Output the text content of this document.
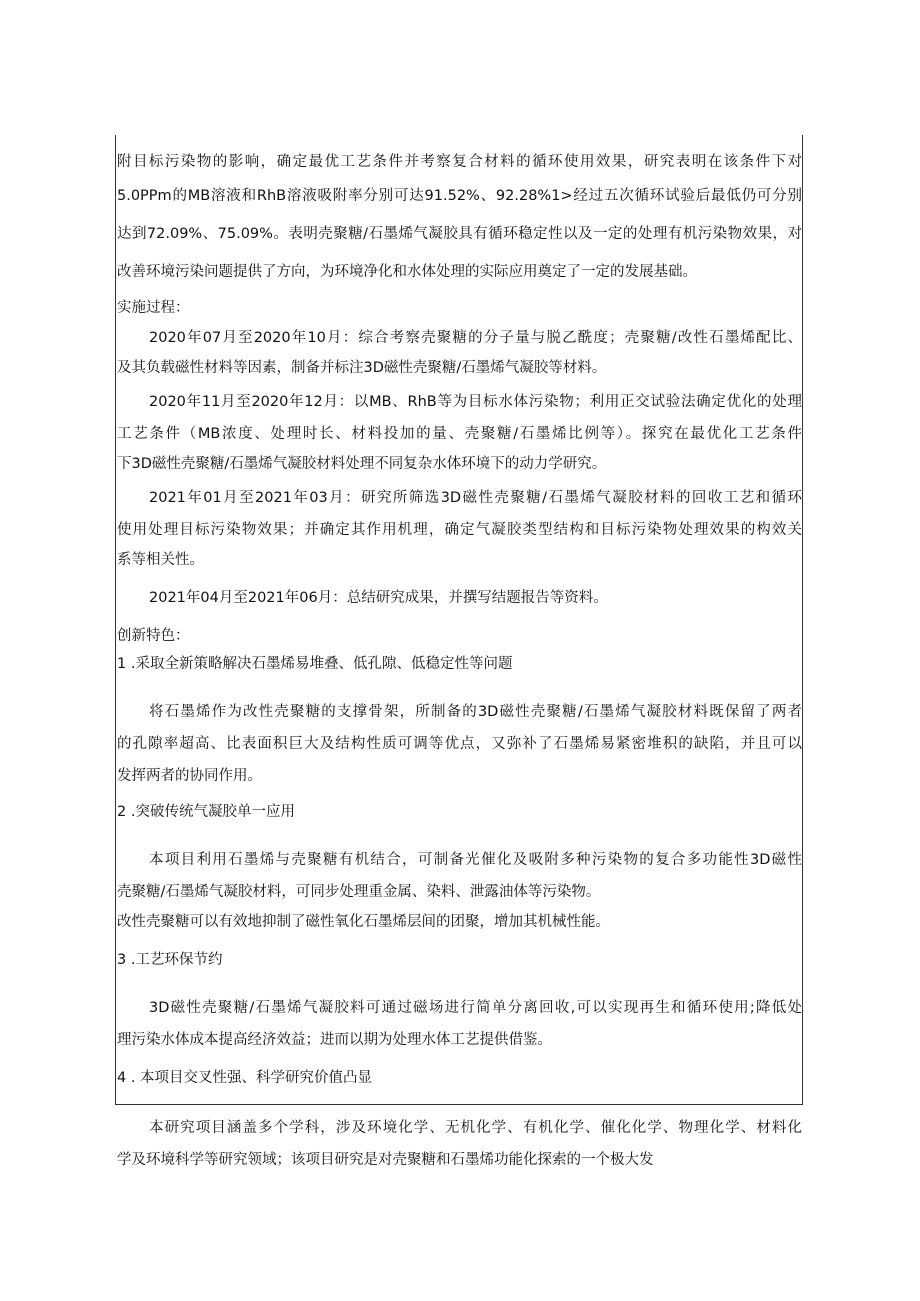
附目标污染物的影响，确定最优工艺条件并考察复合材料的循环使用效果，研究表明在该条件下对

5.0PPm的MB溶液和RhB溶液吸附率分别可达91.52%、92.28%1>经过五次循环试验后最低仍可分别

达到72.09%、75.09%。表明壳聚糖/石墨烯气凝胶具有循环稳定性以及一定的处理有机污染物效果，对

改善环境污染问题提供了方向，为环境净化和水体处理的实际应用奠定了一定的发展基础。

实施过程：

2020年07月至2020年10月：综合考察壳聚糖的分子量与脱乙酰度；壳聚糖/改性石墨烯配比、

及其负载磁性材料等因素，制备并标注3D磁性壳聚糖/石墨烯气凝胶等材料。

2020年11月至2020年12月：以MB、RhB等为目标水体污染物；利用正交试验法确定优化的处理

工艺条件（MB浓度、处理时长、材料投加的量、壳聚糖/石墨烯比例等）。探究在最优化工艺条件

下3D磁性壳聚糖/石墨烯气凝胶材料处理不同复杂水体环境下的动力学研究。

2021年01月至2021年03月：研究所筛选3D磁性壳聚糖/石墨烯气凝胶材料的回收工艺和循环

使用处理目标污染物效果；并确定其作用机理，确定气凝胶类型结构和目标污染物处理效果的构效关

系等相关性。

2021年04月至2021年06月：总结研究成果，并撰写结题报告等资料。

创新特色：

1 .采取全新策略解决石墨烯易堆叠、低孔隙、低稳定性等问题

将石墨烯作为改性壳聚糖的支撑骨架，所制备的3D磁性壳聚糖/石墨烯气凝胶材料既保留了两者

的孔隙率超高、比表面积巨大及结构性质可调等优点，又弥补了石墨烯易紧密堆积的缺陷，并且可以

发挥两者的协同作用。

2 .突破传统气凝胶单一应用

本项目利用石墨烯与壳聚糖有机结合，可制备光催化及吸附多种污染物的复合多功能性3D磁性

壳聚糖/石墨烯气凝胶材料，可同步处理重金属、染料、泄露油体等污染物。

改性壳聚糖可以有效地抑制了磁性氧化石墨烯层间的团聚，增加其机械性能。

3 .工艺环保节约

3D磁性壳聚糖/石墨烯气凝胶料可通过磁场进行简单分离回收,可以实现再生和循环使用;降低处

理污染水体成本提高经济效益；进而以期为处理水体工艺提供借鉴。

4 . 本项目交叉性强、科学研究价值凸显

本研究项目涵盖多个学科，涉及环境化学、无机化学、有机化学、催化化学、物理化学、材料化

学及环境科学等研究领域；该项目研究是对壳聚糖和石墨烯功能化探索的一个极大发
